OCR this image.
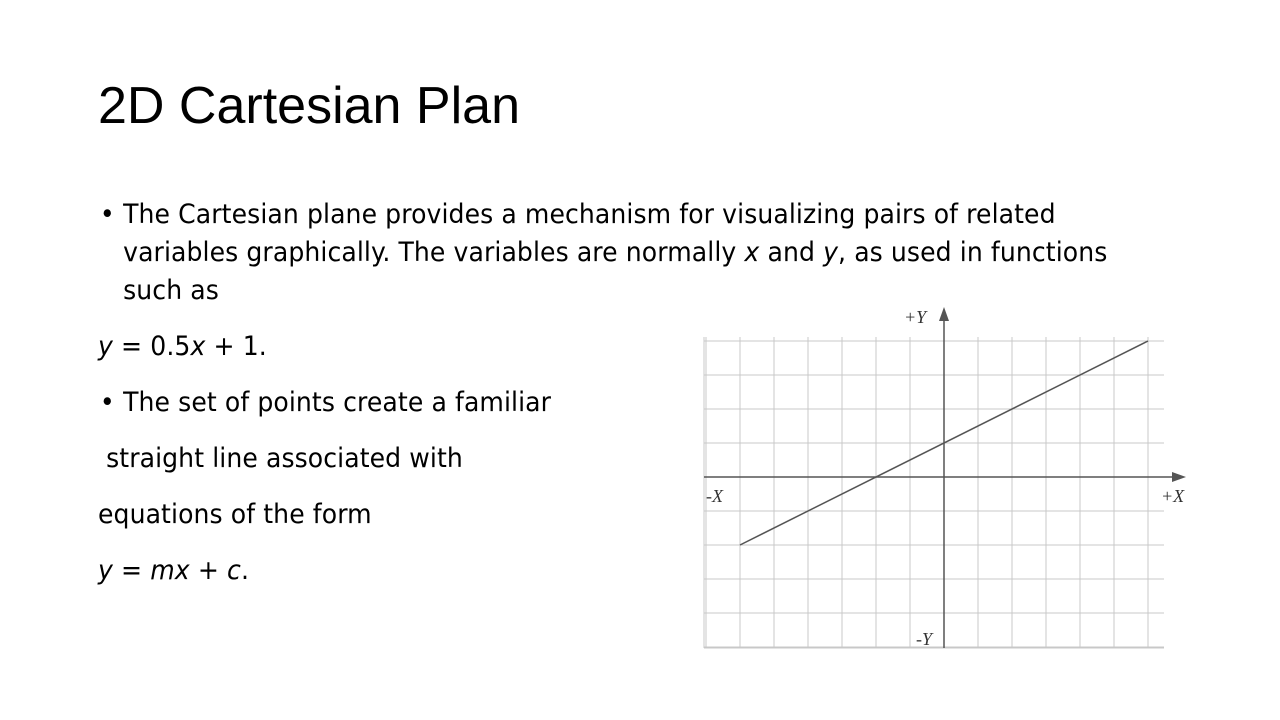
2D Cartesian Plan
• The Cartesian plane provides a mechanism for visualizing pairs of related variables graphically. The variables are normally x and y, as used in functions such as
y = 0.5x + 1.
• The set of points create a familiar
straight line associated with
equations of the form
y = mx + c.
+Y
-Y
+X
-X
